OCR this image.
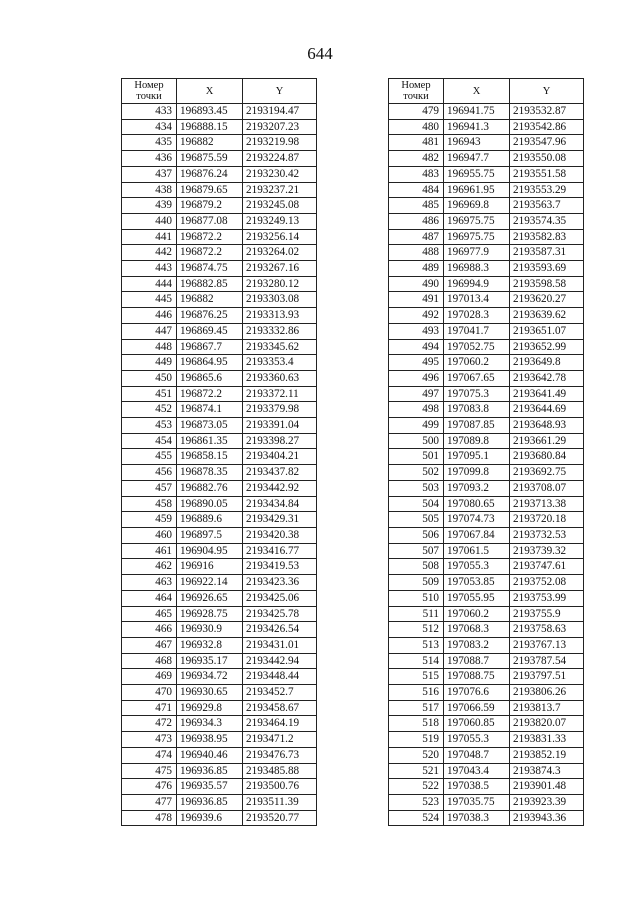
644
Номер
точки	X	Y
433	196893.45	2193194.47
434	196888.15	2193207.23
435	196882	2193219.98
436	196875.59	2193224.87
437	196876.24	2193230.42
438	196879.65	2193237.21
439	196879.2	2193245.08
440	196877.08	2193249.13
441	196872.2	2193256.14
442	196872.2	2193264.02
443	196874.75	2193267.16
444	196882.85	2193280.12
445	196882	2193303.08
446	196876.25	2193313.93
447	196869.45	2193332.86
448	196867.7	2193345.62
449	196864.95	2193353.4
450	196865.6	2193360.63
451	196872.2	2193372.11
452	196874.1	2193379.98
453	196873.05	2193391.04
454	196861.35	2193398.27
455	196858.15	2193404.21
456	196878.35	2193437.82
457	196882.76	2193442.92
458	196890.05	2193434.84
459	196889.6	2193429.31
460	196897.5	2193420.38
461	196904.95	2193416.77
462	196916	2193419.53
463	196922.14	2193423.36
464	196926.65	2193425.06
465	196928.75	2193425.78
466	196930.9	2193426.54
467	196932.8	2193431.01
468	196935.17	2193442.94
469	196934.72	2193448.44
470	196930.65	2193452.7
471	196929.8	2193458.67
472	196934.3	2193464.19
473	196938.95	2193471.2
474	196940.46	2193476.73
475	196936.85	2193485.88
476	196935.57	2193500.76
477	196936.85	2193511.39
478	196939.6	2193520.77
Номер
точки	X	Y
479	196941.75	2193532.87
480	196941.3	2193542.86
481	196943	2193547.96
482	196947.7	2193550.08
483	196955.75	2193551.58
484	196961.95	2193553.29
485	196969.8	2193563.7
486	196975.75	2193574.35
487	196975.75	2193582.83
488	196977.9	2193587.31
489	196988.3	2193593.69
490	196994.9	2193598.58
491	197013.4	2193620.27
492	197028.3	2193639.62
493	197041.7	2193651.07
494	197052.75	2193652.99
495	197060.2	2193649.8
496	197067.65	2193642.78
497	197075.3	2193641.49
498	197083.8	2193644.69
499	197087.85	2193648.93
500	197089.8	2193661.29
501	197095.1	2193680.84
502	197099.8	2193692.75
503	197093.2	2193708.07
504	197080.65	2193713.38
505	197074.73	2193720.18
506	197067.84	2193732.53
507	197061.5	2193739.32
508	197055.3	2193747.61
509	197053.85	2193752.08
510	197055.95	2193753.99
511	197060.2	2193755.9
512	197068.3	2193758.63
513	197083.2	2193767.13
514	197088.7	2193787.54
515	197088.75	2193797.51
516	197076.6	2193806.26
517	197066.59	2193813.7
518	197060.85	2193820.07
519	197055.3	2193831.33
520	197048.7	2193852.19
521	197043.4	2193874.3
522	197038.5	2193901.48
523	197035.75	2193923.39
524	197038.3	2193943.36
